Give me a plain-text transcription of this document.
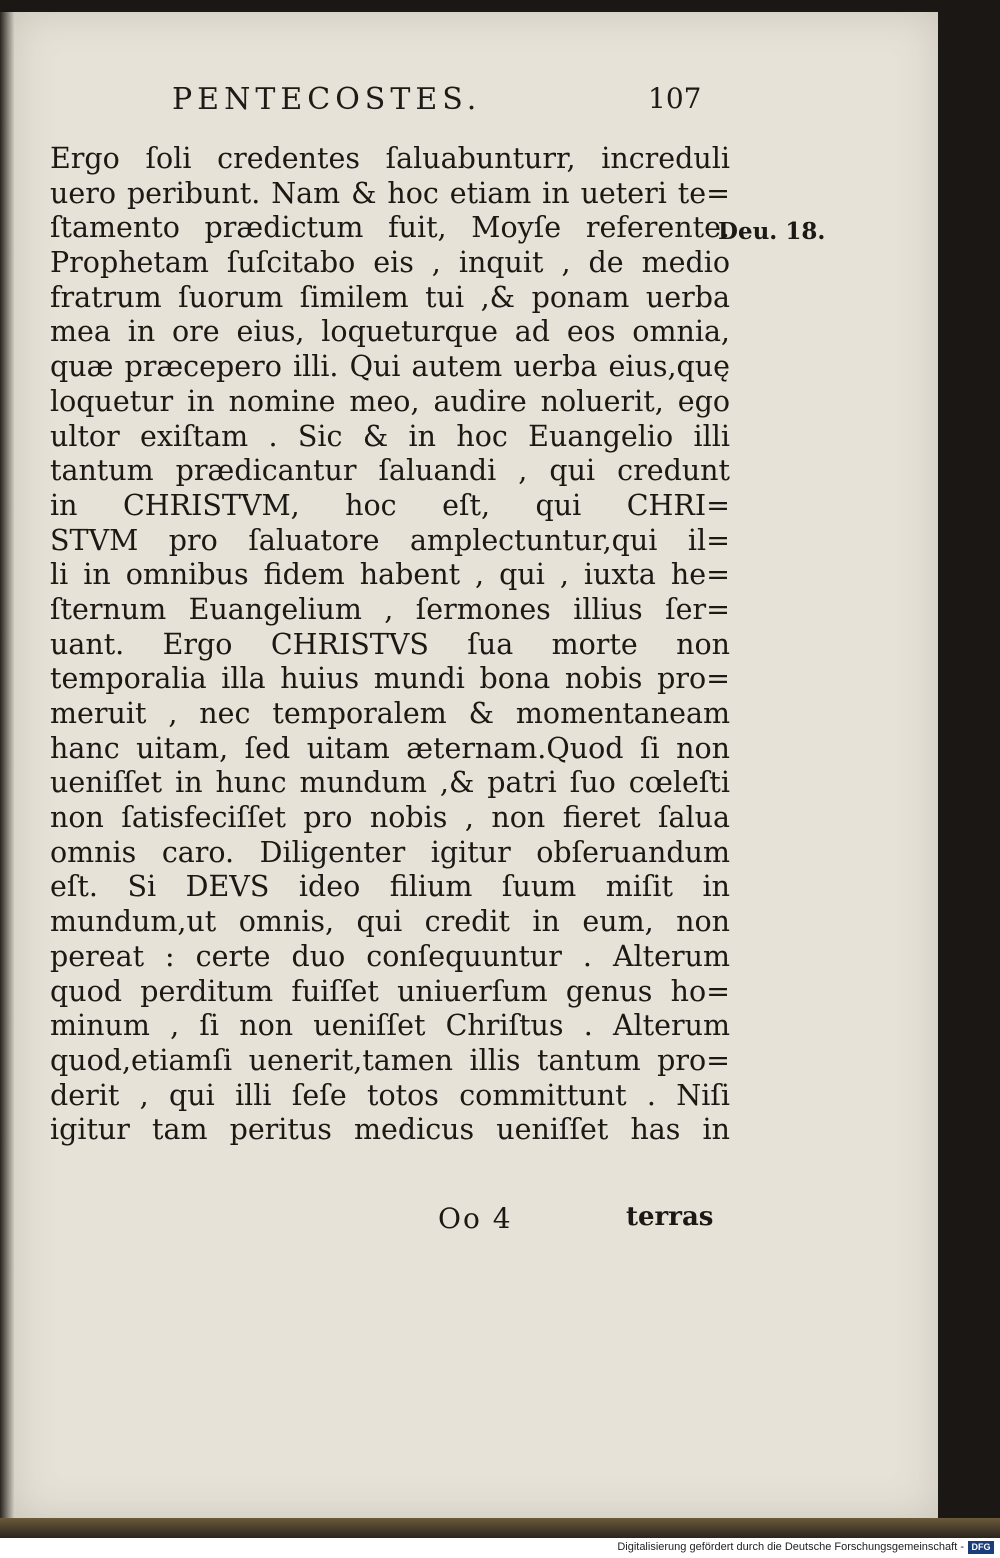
PENTECOSTES.	107
Deu. 18.
Ergo ſoli credentes ſaluabunturr, increduli
uero peribunt. Nam & hoc etiam in ueteri te=
ſtamento prædictum fuit, Moyſe referente.
Prophetam ſuſcitabo eis , inquit , de medio
fratrum ſuorum ſimilem tui ,& ponam uerba
mea in ore eius, loqueturque ad eos omnia,
quæ præcepero illi. Qui autem uerba eius,quę
loquetur in nomine meo, audire noluerit, ego
ultor exiſtam . Sic & in hoc Euangelio illi
tantum prædicantur ſaluandi , qui credunt
in CHRISTVM, hoc eſt, qui CHRI=
STVM pro ſaluatore amplectuntur,qui il=
li in omnibus fidem habent , qui , iuxta he=
ſternum Euangelium , ſermones illius ſer=
uant. Ergo CHRISTVS ſua morte non
temporalia illa huius mundi bona nobis pro=
meruit , nec temporalem & momentaneam
hanc uitam, ſed uitam æternam.Quod ſi non
ueniſſet in hunc mundum ,& patri ſuo cœleſti
non ſatisfeciſſet pro nobis , non fieret ſalua
omnis caro. Diligenter igitur obſeruandum
eſt. Si DEVS ideo filium ſuum miſit in
mundum,ut omnis, qui credit in eum, non
pereat : certe duo conſequuntur . Alterum
quod perditum fuiſſet uniuerſum genus ho=
minum , ſi non ueniſſet Chriſtus . Alterum
quod,etiamſi uenerit,tamen illis tantum pro=
derit , qui illi ſeſe totos committunt . Niſi
igitur tam peritus medicus ueniſſet has in
Oo 4	terras
Digitalisierung gefördert durch die Deutsche Forschungsgemeinschaft - DFG
